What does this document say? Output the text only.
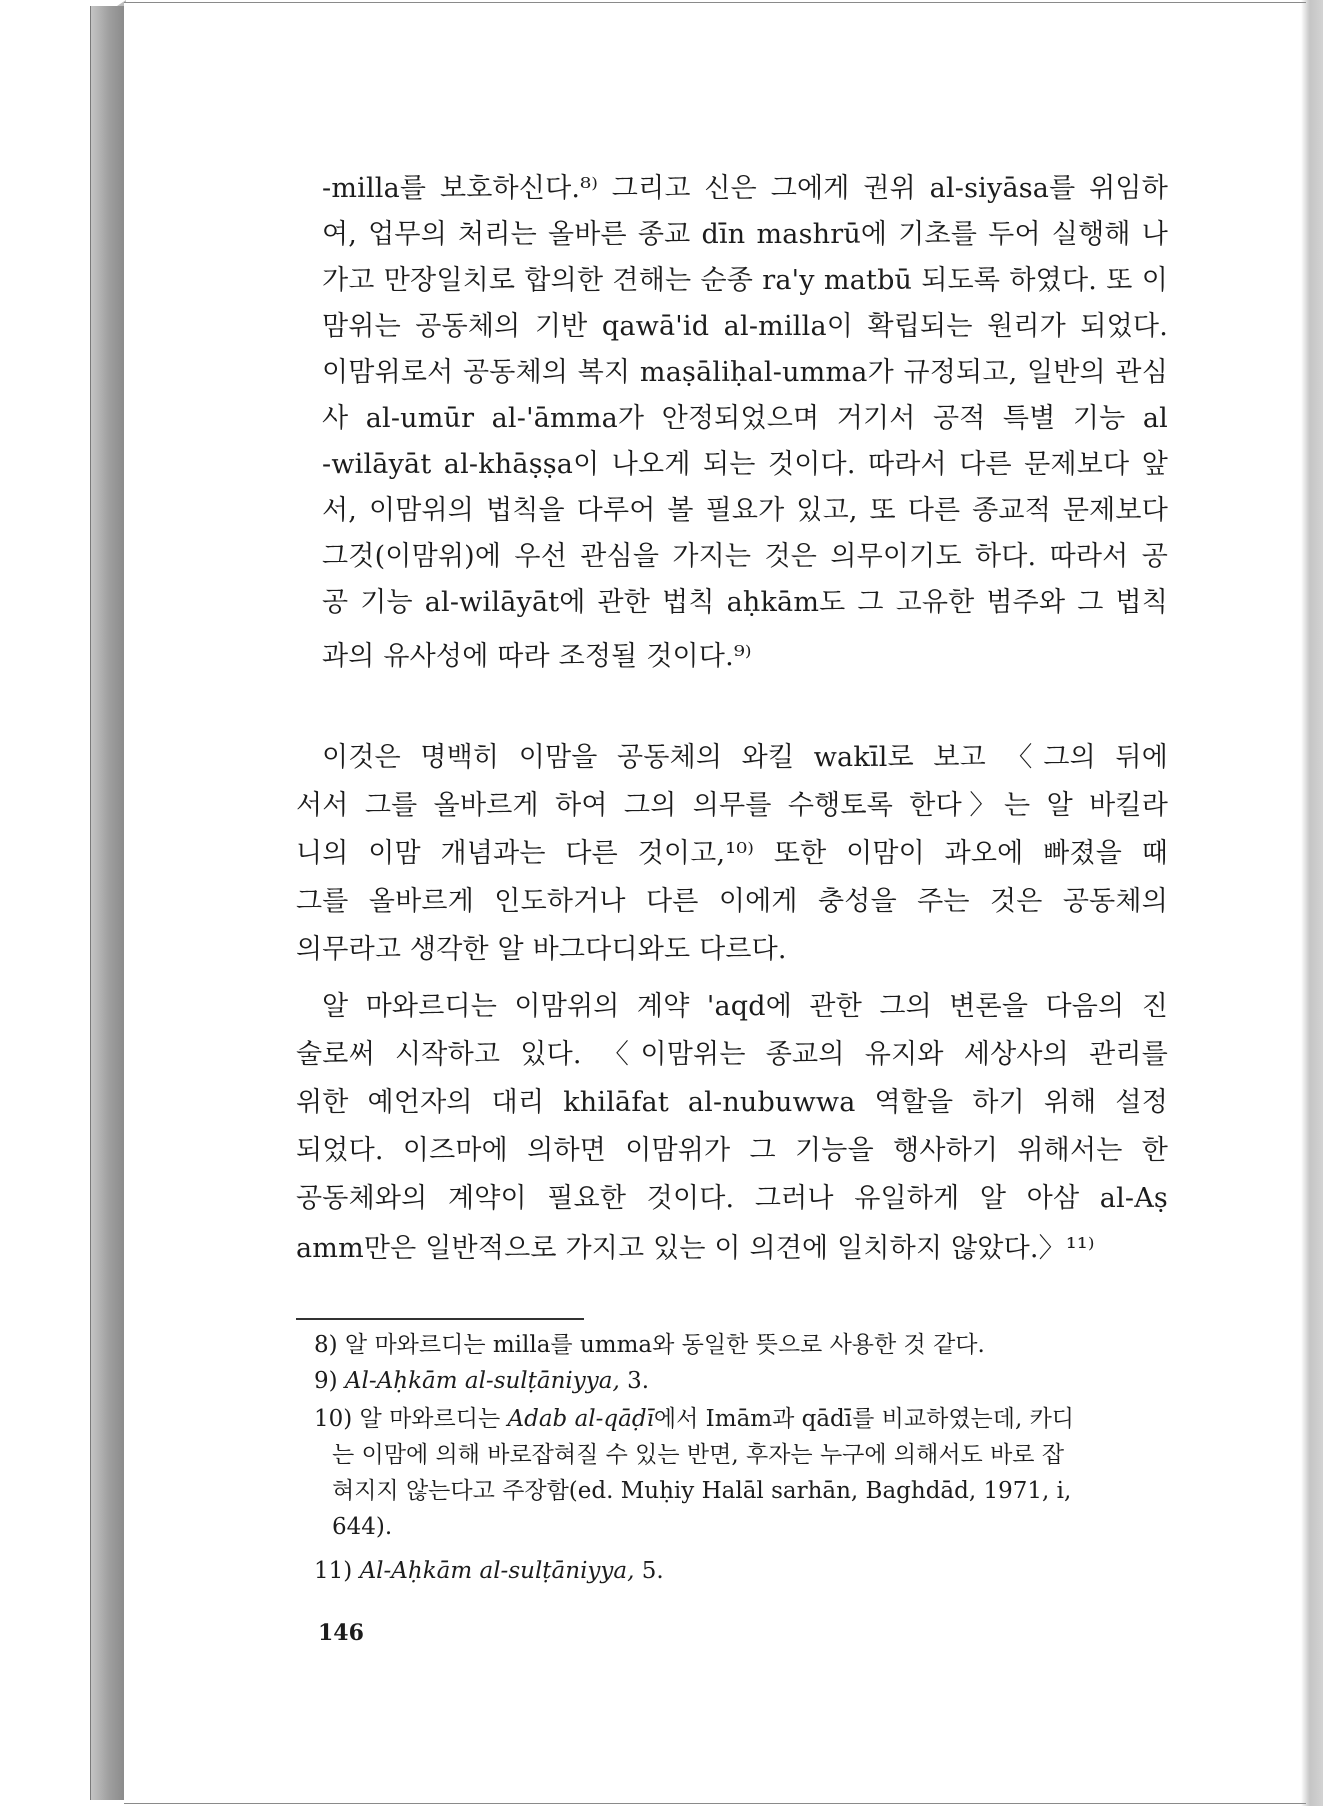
-milla를 보호하신다.⁸⁾ 그리고 신은 그에게 권위 al-siyāsa를 위임하
여, 업무의 처리는 올바른 종교 dīn mashrū에 기초를 두어 실행해 나
가고 만장일치로 합의한 견해는 순종 ra'y matbū 되도록 하였다. 또 이
맘위는 공동체의 기반 qawā'id al-milla이 확립되는 원리가 되었다.
이맘위로서 공동체의 복지 maṣāliḥal-umma가 규정되고, 일반의 관심
사 al-umūr al-'āmma가 안정되었으며 거기서 공적 특별 기능 al
-wilāyāt al-khāṣṣa이 나오게 되는 것이다. 따라서 다른 문제보다 앞
서, 이맘위의 법칙을 다루어 볼 필요가 있고, 또 다른 종교적 문제보다
그것(이맘위)에 우선 관심을 가지는 것은 의무이기도 하다. 따라서 공
공 기능 al-wilāyāt에 관한 법칙 aḥkām도 그 고유한 범주와 그 법칙
과의 유사성에 따라 조정될 것이다.⁹⁾
이것은 명백히 이맘을 공동체의 와킬 wakīl로 보고 〈그의 뒤에
서서 그를 올바르게 하여 그의 의무를 수행토록 한다〉는 알 바킬라
니의 이맘 개념과는 다른 것이고,¹⁰⁾ 또한 이맘이 과오에 빠졌을 때
그를 올바르게 인도하거나 다른 이에게 충성을 주는 것은 공동체의
의무라고 생각한 알 바그다디와도 다르다.
알 마와르디는 이맘위의 계약 'aqd에 관한 그의 변론을 다음의 진
술로써 시작하고 있다. 〈이맘위는 종교의 유지와 세상사의 관리를
위한 예언자의 대리 khilāfat al-nubuwwa 역할을 하기 위해 설정
되었다. 이즈마에 의하면 이맘위가 그 기능을 행사하기 위해서는 한
공동체와의 계약이 필요한 것이다. 그러나 유일하게 알 아삼 al-Aṣ
amm만은 일반적으로 가지고 있는 이 의견에 일치하지 않았다.〉¹¹⁾
8) 알 마와르디는 milla를 umma와 동일한 뜻으로 사용한 것 같다.
9) Al-Aḥkām al-sulṭāniyya, 3.
10) 알 마와르디는 Adab al-qāḍī에서 Imām과 qādī를 비교하였는데, 카디
는 이맘에 의해 바로잡혀질 수 있는 반면, 후자는 누구에 의해서도 바로 잡
혀지지 않는다고 주장함(ed. Muḥiy Halāl sarhān, Baghdād, 1971, i,
644).
11) Al-Aḥkām al-sulṭāniyya, 5.
146
